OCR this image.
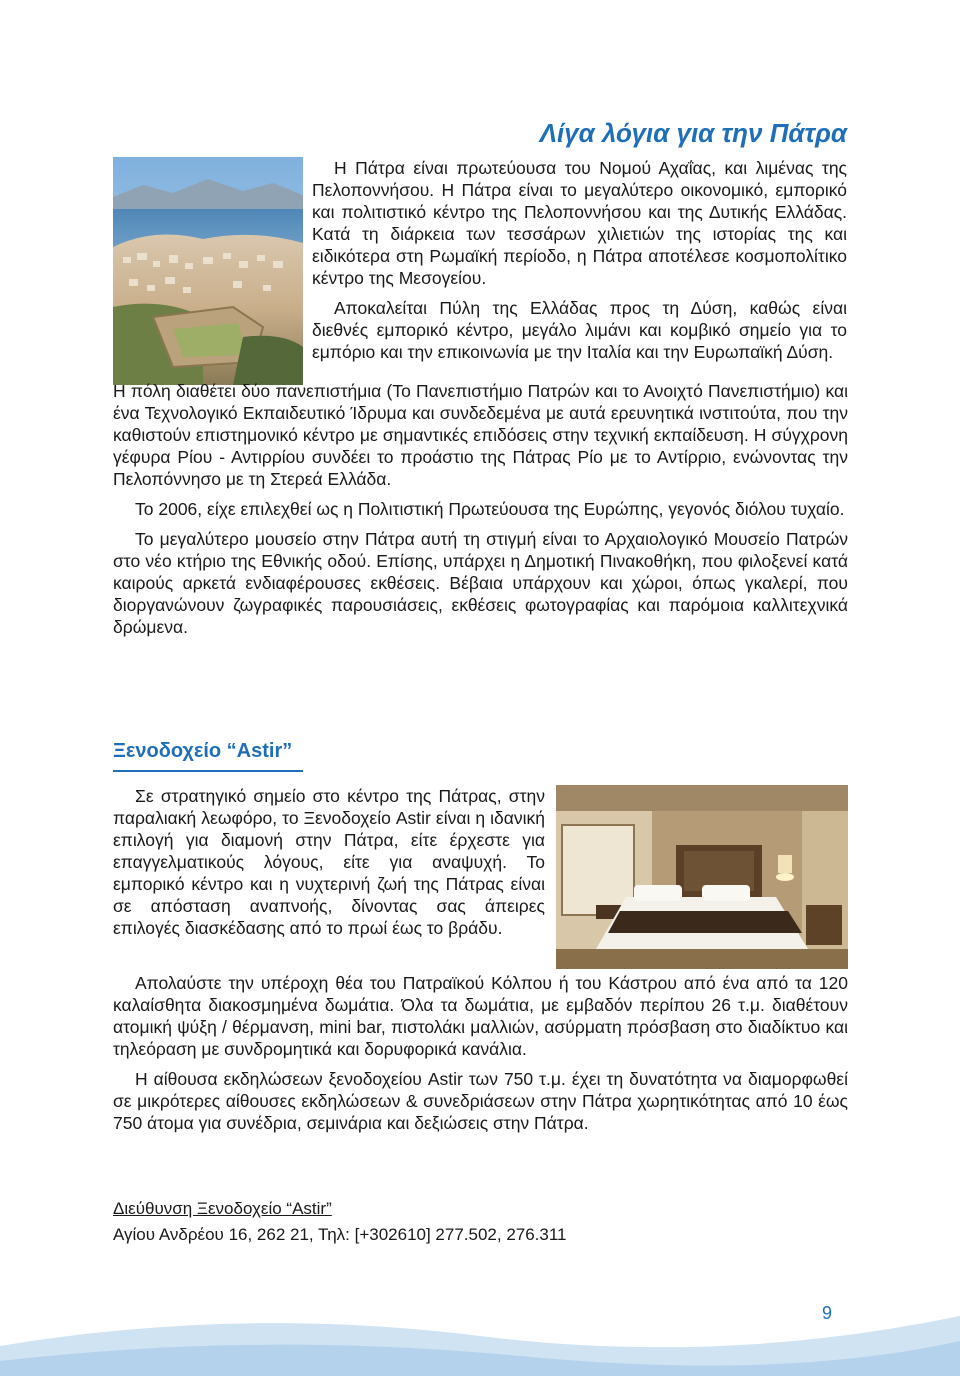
Λίγα λόγια για την Πάτρα

Η Πάτρα είναι πρωτεύουσα του Νομού Αχαΐας, και λιμένας της Πελοποννήσου. Η Πάτρα είναι το μεγαλύτερο οικονομικό, εμπορικό και πολιτιστικό κέντρο της Πελοποννήσου και της Δυτικής Ελλάδας. Κατά τη διάρκεια των τεσσάρων χιλιετιών της ιστορίας της και ειδικότερα στη Ρωμαϊκή περίοδο, η Πάτρα αποτέλεσε κοσμοπολίτικο κέντρο της Μεσογείου.

Αποκαλείται Πύλη της Ελλάδας προς τη Δύση, καθώς είναι διεθνές εμπορικό κέντρο, μεγάλο λιμάνι και κομβικό σημείο για το εμπόριο και την επικοινωνία με την Ιταλία και την Ευρωπαϊκή Δύση.

Η πόλη διαθέτει δύο πανεπιστήμια (Το Πανεπιστήμιο Πατρών και το Ανοιχτό Πανεπιστήμιο) και ένα Τεχνολογικό Εκπαιδευτικό Ίδρυμα και συνδεδεμένα με αυτά ερευνητικά ινστιτούτα, που την καθιστούν επιστημονικό κέντρο με σημαντικές επιδόσεις στην τεχνική εκπαίδευση. Η σύγχρονη γέφυρα Ρίου - Αντιρρίου συνδέει το προάστιο της Πάτρας Ρίο με το Αντίρριο, ενώνοντας την Πελοπόννησο με τη Στερεά Ελλάδα.

Το 2006, είχε επιλεχθεί ως η Πολιτιστική Πρωτεύουσα της Ευρώπης, γεγονός διόλου τυχαίο.

Το μεγαλύτερο μουσείο στην Πάτρα αυτή τη στιγμή είναι το Αρχαιολογικό Μουσείο Πατρών στο νέο κτήριο της Εθνικής οδού. Επίσης, υπάρχει η Δημοτική Πινακοθήκη, που φιλοξενεί κατά καιρούς αρκετά ενδιαφέρουσες εκθέσεις. Βέβαια υπάρχουν και χώροι, όπως γκαλερί, που διοργανώνουν ζωγραφικές παρουσιάσεις, εκθέσεις φωτογραφίας και παρόμοια καλλιτεχνικά δρώμενα.

Ξενοδοχείο “Astir”

Σε στρατηγικό σημείο στο κέντρο της Πάτρας, στην παραλιακή λεωφόρο, το Ξενοδοχείο Astir είναι η ιδανική επιλογή για διαμονή στην Πάτρα, είτε έρχεστε για επαγγελματικούς λόγους, είτε για αναψυχή. Το εμπορικό κέντρο και η νυχτερινή ζωή της Πάτρας είναι σε απόσταση αναπνοής, δίνοντας σας άπειρες επιλογές διασκέδασης από το πρωί έως το βράδυ.

Απολαύστε την υπέροχη θέα του Πατραϊκού Κόλπου ή του Κάστρου από ένα από τα 120 καλαίσθητα διακοσμημένα δωμάτια. Όλα τα δωμάτια, με εμβαδόν περίπου 26 τ.μ. διαθέτουν ατομική ψύξη / θέρμανση, mini bar, πιστολάκι μαλλιών, ασύρματη πρόσβαση στο διαδίκτυο και τηλεόραση με συνδρομητικά και δορυφορικά κανάλια.

Η αίθουσα εκδηλώσεων ξενοδοχείου Astir των 750 τ.μ. έχει τη δυνατότητα να διαμορφωθεί σε μικρότερες αίθουσες εκδηλώσεων & συνεδριάσεων στην Πάτρα χωρητικότητας από 10 έως 750 άτομα για συνέδρια, σεμινάρια και δεξιώσεις στην Πάτρα.

Διεύθυνση Ξενοδοχείο “Astir”
Αγίου Ανδρέου 16, 262 21, Τηλ: [+302610] 277.502, 276.311
9
